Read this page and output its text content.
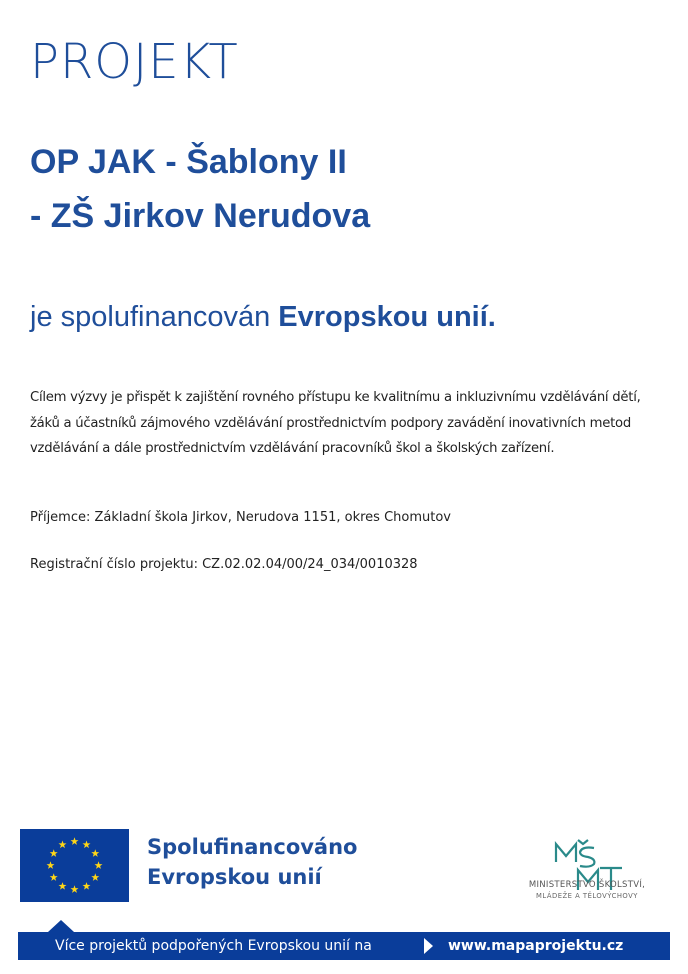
PROJEKT
OP JAK - Šablony II
- ZŠ Jirkov Nerudova

je spolufinancován Evropskou unií.

Cílem výzvy je přispět k zajištění rovného přístupu ke kvalitnímu a inkluzivnímu vzdělávání dětí, žáků a účastníků zájmového vzdělávání prostřednictvím podpory zavádění inovativních metod vzdělávání a dále prostřednictvím vzdělávání pracovníků škol a školských zařízení.

Příjemce: Základní škola Jirkov, Nerudova 1151, okres Chomutov

Registrační číslo projektu: CZ.02.02.04/00/24_034/0010328

Spolufinancováno
Evropskou unií	MINISTERSTVO ŠKOLSTVÍ,

MLÁDEŽE A TĚLOVÝCHOVY

Více projektů podpořených Evropskou unií na	www.mapaprojektu.cz
